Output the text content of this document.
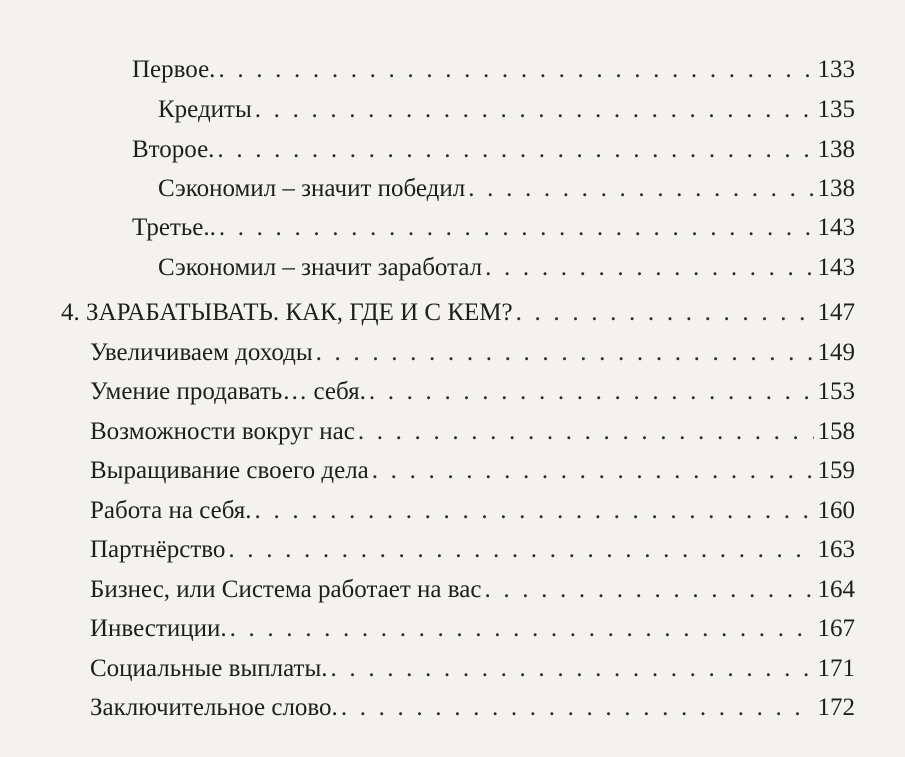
Первое. . . .	133
Кредиты . . .	135
Второе. . . .	138
Сэкономил – значит победил . . .	138
Третье.. . . .	143
Сэкономил – значит заработал . . .	143
4. ЗАРАБАТЫВАТЬ. КАК, ГДЕ И С КЕМ? . . .	147
Увеличиваем доходы . . .	149
Умение продавать… себя. . . .	153
Возможности вокруг нас . . .	158
Выращивание своего дела . . .	159
Работа на себя. . . .	160
Партнёрство . . .	163
Бизнес, или Система работает на вас . . .	164
Инвестиции. . . .	167
Социальные выплаты. . . .	171
Заключительное слово. . . .	172
